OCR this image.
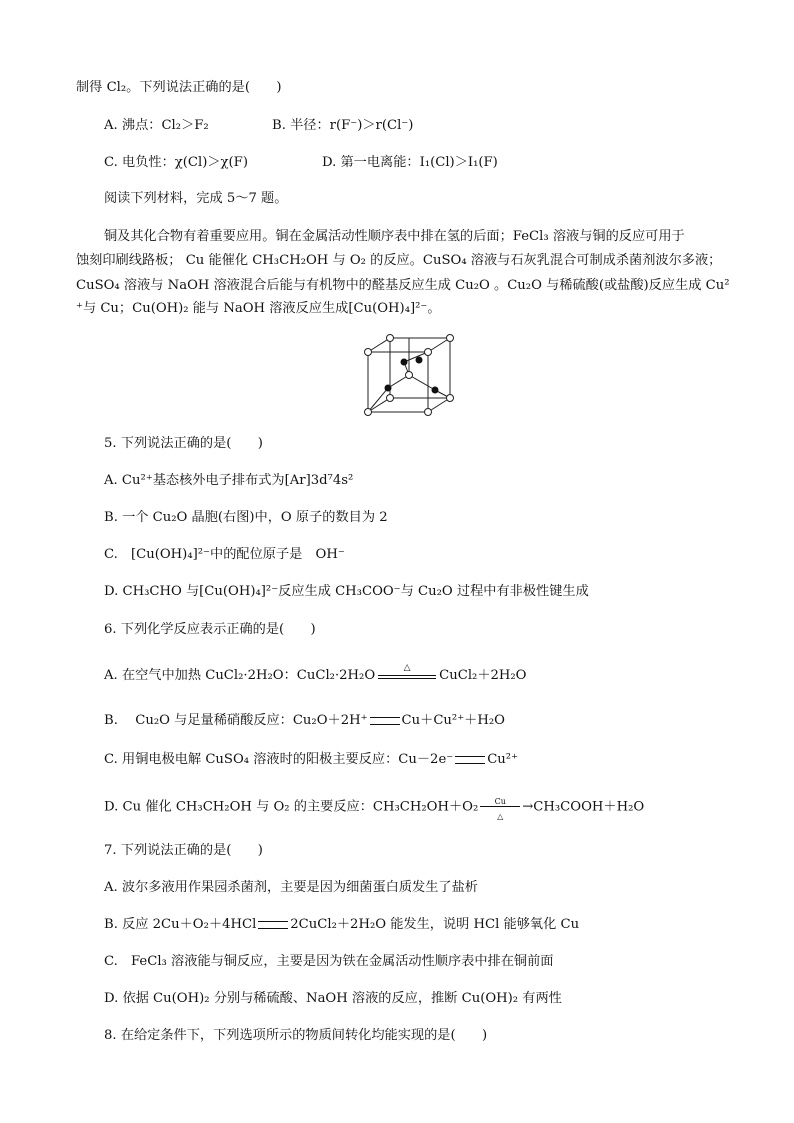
制得 Cl₂。下列说法正确的是(　　)
A. 沸点：Cl₂＞F₂	B. 半径：r(F⁻)＞r(Cl⁻)
C. 电负性：χ(Cl)＞χ(F)	D. 第一电离能：I₁(Cl)＞I₁(F)
阅读下列材料，完成 5～7 题。
铜及其化合物有着重要应用。铜在金属活动性顺序表中排在氢的后面；FeCl₃ 溶液与铜的反应可用于
蚀刻印刷线路板； Cu 能催化 CH₃CH₂OH 与 O₂ 的反应。CuSO₄ 溶液与石灰乳混合可制成杀菌剂波尔多液；
CuSO₄ 溶液与 NaOH 溶液混合后能与有机物中的醛基反应生成 Cu₂O 。Cu₂O 与稀硫酸(或盐酸)反应生成 Cu²
⁺与 Cu；Cu(OH)₂ 能与 NaOH 溶液反应生成[Cu(OH)₄]²⁻。
5. 下列说法正确的是(　　)
A. Cu²⁺基态核外电子排布式为[Ar]3d⁷4s²
B. 一个 Cu₂O 晶胞(右图)中，O 原子的数目为 2
C.　[Cu(OH)₄]²⁻中的配位原子是　OH⁻
D. CH₃CHO 与[Cu(OH)₄]²⁻反应生成 CH₃COO⁻与 Cu₂O 过程中有非极性键生成
6. 下列化学反应表示正确的是(　　)
A. 在空气中加热 CuCl₂·2H₂O：CuCl₂·2H₂O
△
CuCl₂＋2H₂O
B.　 Cu₂O 与足量稀硝酸反应：Cu₂O＋2H⁺	Cu＋Cu²⁺＋H₂O
C. 用铜电极电解 CuSO₄ 溶液时的阳极主要反应：Cu－2e⁻	Cu²⁺
D. Cu 催化 CH₃CH₂OH 与 O₂ 的主要反应：CH₃CH₂OH＋O₂	Cu
△
→CH₃COOH＋H₂O
7. 下列说法正确的是(　　)
A. 波尔多液用作果园杀菌剂，主要是因为细菌蛋白质发生了盐析
B. 反应 2Cu＋O₂＋4HCl	2CuCl₂＋2H₂O 能发生，说明 HCl 能够氧化 Cu
C.　FeCl₃ 溶液能与铜反应，主要是因为铁在金属活动性顺序表中排在铜前面
D. 依据 Cu(OH)₂ 分别与稀硫酸、NaOH 溶液的反应，推断 Cu(OH)₂ 有两性
8. 在给定条件下，下列选项所示的物质间转化均能实现的是(　　)
